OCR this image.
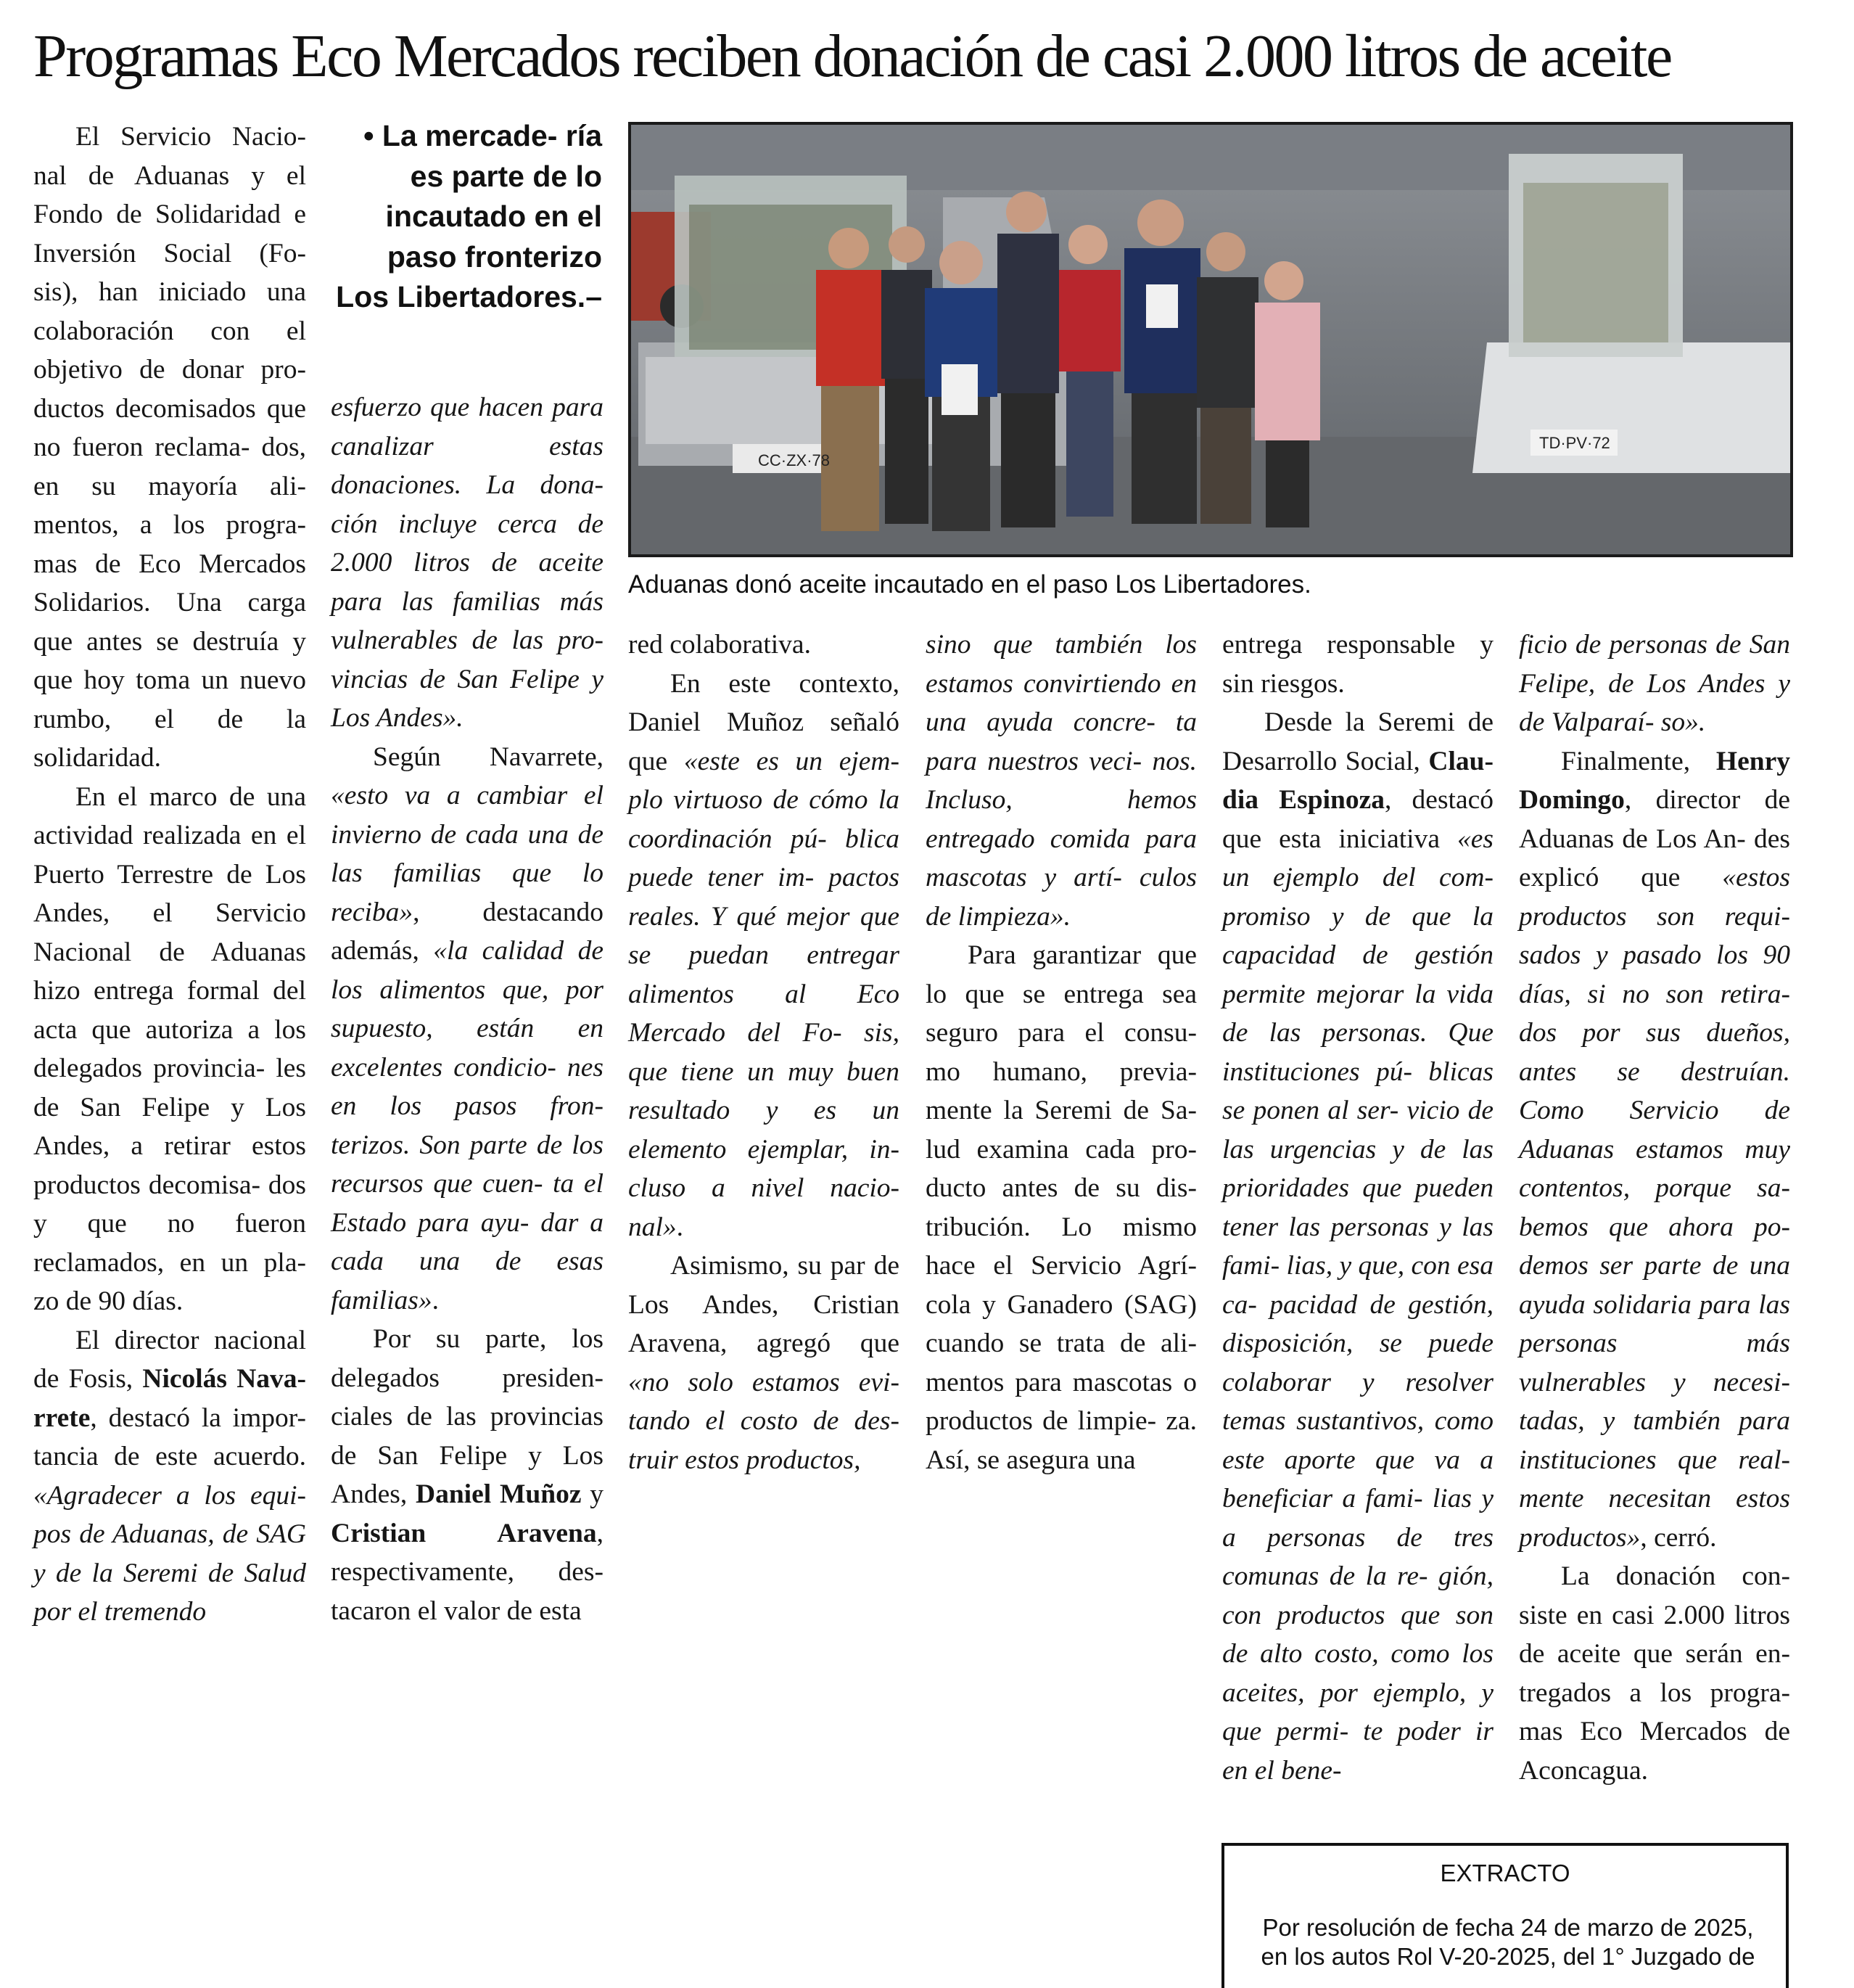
Programas Eco Mercados reciben donación de casi 2.000 litros de aceite

El Servicio Nacio- nal de Aduanas y el Fondo de Solidaridad e Inversión Social (Fo- sis), han iniciado una colaboración con el objetivo de donar pro- ductos decomisados que no fueron reclama- dos, en su mayoría ali- mentos, a los progra- mas de Eco Mercados Solidarios. Una carga que antes se destruía y que hoy toma un nuevo rumbo, el de la solidaridad.

En el marco de una actividad realizada en el Puerto Terrestre de Los Andes, el Servicio Nacional de Aduanas hizo entrega formal del acta que autoriza a los delegados provincia- les de San Felipe y Los Andes, a retirar estos productos decomisa- dos y que no fueron reclamados, en un pla- zo de 90 días.

El director nacional de Fosis, Nicolás Nava- rrete, destacó la impor- tancia de este acuerdo. «Agradecer a los equi- pos de Aduanas, de SAG y de la Seremi de Salud por el tremendo

• La mercade- ría es parte de lo incautado en el paso fronterizo Los Libertadores.–

esfuerzo que hacen para canalizar estas donaciones. La dona- ción incluye cerca de 2.000 litros de aceite para las familias más vulnerables de las pro- vincias de San Felipe y Los Andes».

Según Navarrete, «esto va a cambiar el invierno de cada una de las familias que lo reciba», destacando además, «la calidad de los alimentos que, por supuesto, están en excelentes condicio- nes en los pasos fron- terizos. Son parte de los recursos que cuen- ta el Estado para ayu- dar a cada una de esas familias».

Por su parte, los delegados presiden- ciales de las provincias de San Felipe y Los Andes, Daniel Muñoz y Cristian Aravena, respectivamente, des- tacaron el valor de esta

CC·ZX·78
TD·PV·72

Aduanas donó aceite incautado en el paso Los Libertadores.

red colaborativa.

En este contexto, Daniel Muñoz señaló que «este es un ejem- plo virtuoso de cómo la coordinación pú- blica puede tener im- pactos reales. Y qué mejor que se puedan entregar alimentos al Eco Mercado del Fo- sis, que tiene un muy buen resultado y es un elemento ejemplar, in- cluso a nivel nacio- nal».

Asimismo, su par de Los Andes, Cristian Aravena, agregó que «no solo estamos evi- tando el costo de des- truir estos productos,

sino que también los estamos convirtiendo en una ayuda concre- ta para nuestros veci- nos. Incluso, hemos entregado comida para mascotas y artí- culos de limpieza».

Para garantizar que lo que se entrega sea seguro para el consu- mo humano, previa- mente la Seremi de Sa- lud examina cada pro- ducto antes de su dis- tribución. Lo mismo hace el Servicio Agrí- cola y Ganadero (SAG) cuando se trata de ali- mentos para mascotas o productos de limpie- za. Así, se asegura una

entrega responsable y sin riesgos.

Desde la Seremi de Desarrollo Social, Clau- dia Espinoza, destacó que esta iniciativa «es un ejemplo del com- promiso y de que la capacidad de gestión permite mejorar la vida de las personas. Que instituciones pú- blicas se ponen al ser- vicio de las urgencias y de las prioridades que pueden tener las personas y las fami- lias, y que, con esa ca- pacidad de gestión, disposición, se puede colaborar y resolver temas sustantivos, como este aporte que va a beneficiar a fami- lias y a personas de tres comunas de la re- gión, con productos que son de alto costo, como los aceites, por ejemplo, y que permi- te poder ir en el bene-

ficio de personas de San Felipe, de Los Andes y de Valparaí- so».

Finalmente, Henry Domingo, director de Aduanas de Los An- des explicó que «estos productos son requi- sados y pasado los 90 días, si no son retira- dos por sus dueños, antes se destruían. Como Servicio de Aduanas estamos muy contentos, porque sa- bemos que ahora po- demos ser parte de una ayuda solidaria para las personas más vulnerables y necesi- tadas, y también para instituciones que real- mente necesitan estos productos», cerró.

La donación con- siste en casi 2.000 litros de aceite que serán en- tregados a los progra- mas Eco Mercados de Aconcagua.

EXTRACTO
Por resolución de fecha 24 de marzo de 2025,
en los autos Rol V-20-2025, del 1° Juzgado de
